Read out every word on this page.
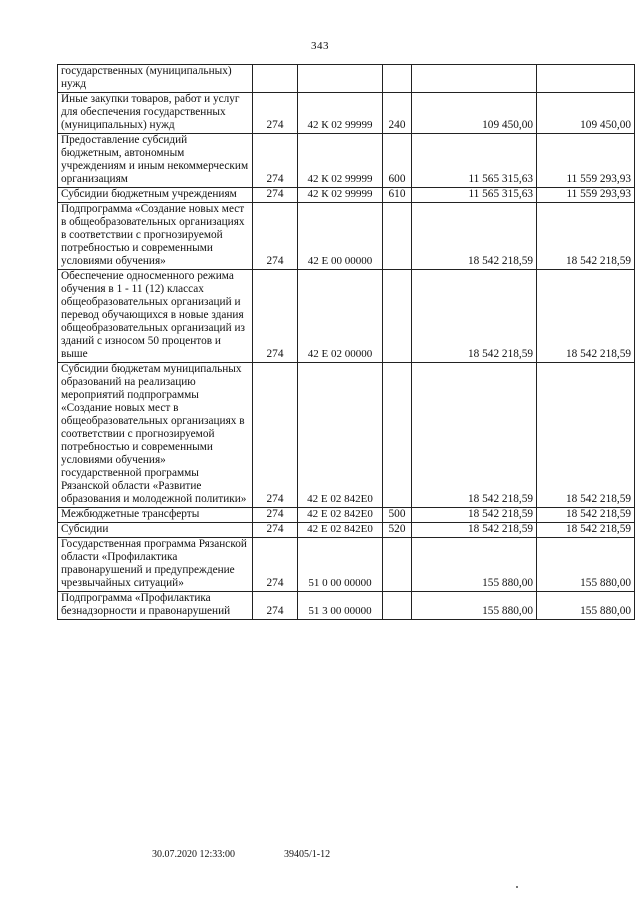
343
государственных (муниципальных) нужд					
Иные закупки товаров, работ и услуг для обеспечения государственных (муниципальных) нужд	274	42 К 02 99999	240	109 450,00	109 450,00
Предоставление субсидий бюджетным, автономным учреждениям и иным некоммерческим организациям	274	42 К 02 99999	600	11 565 315,63	11 559 293,93
Субсидии бюджетным учреждениям	274	42 К 02 99999	610	11 565 315,63	11 559 293,93
Подпрограмма «Создание новых мест в общеобразовательных организациях в соответствии с прогнозируемой потребностью и современными условиями обучения»	274	42 Е 00 00000		18 542 218,59	18 542 218,59
Обеспечение односменного режима обучения в 1 - 11 (12) классах общеобразовательных организаций и перевод обучающихся в новые здания общеобразовательных организаций из зданий с износом 50 процентов и выше	274	42 Е 02 00000		18 542 218,59	18 542 218,59
Субсидии бюджетам муниципальных образований на реализацию мероприятий подпрограммы «Создание новых мест в общеобразовательных организациях в соответствии с прогнозируемой потребностью и современными условиями обучения» государственной программы Рязанской области «Развитие образования и молодежной политики»	274	42 Е 02 842Е0		18 542 218,59	18 542 218,59
Межбюджетные трансферты	274	42 Е 02 842Е0	500	18 542 218,59	18 542 218,59
Субсидии	274	42 Е 02 842Е0	520	18 542 218,59	18 542 218,59
Государственная программа Рязанской области «Профилактика правонарушений и предупреждение чрезвычайных ситуаций»	274	51 0 00 00000		155 880,00	155 880,00
Подпрограмма «Профилактика безнадзорности и правонарушений	274	51 3 00 00000		155 880,00	155 880,00
30.07.2020 12:33:00	39405/1-12
